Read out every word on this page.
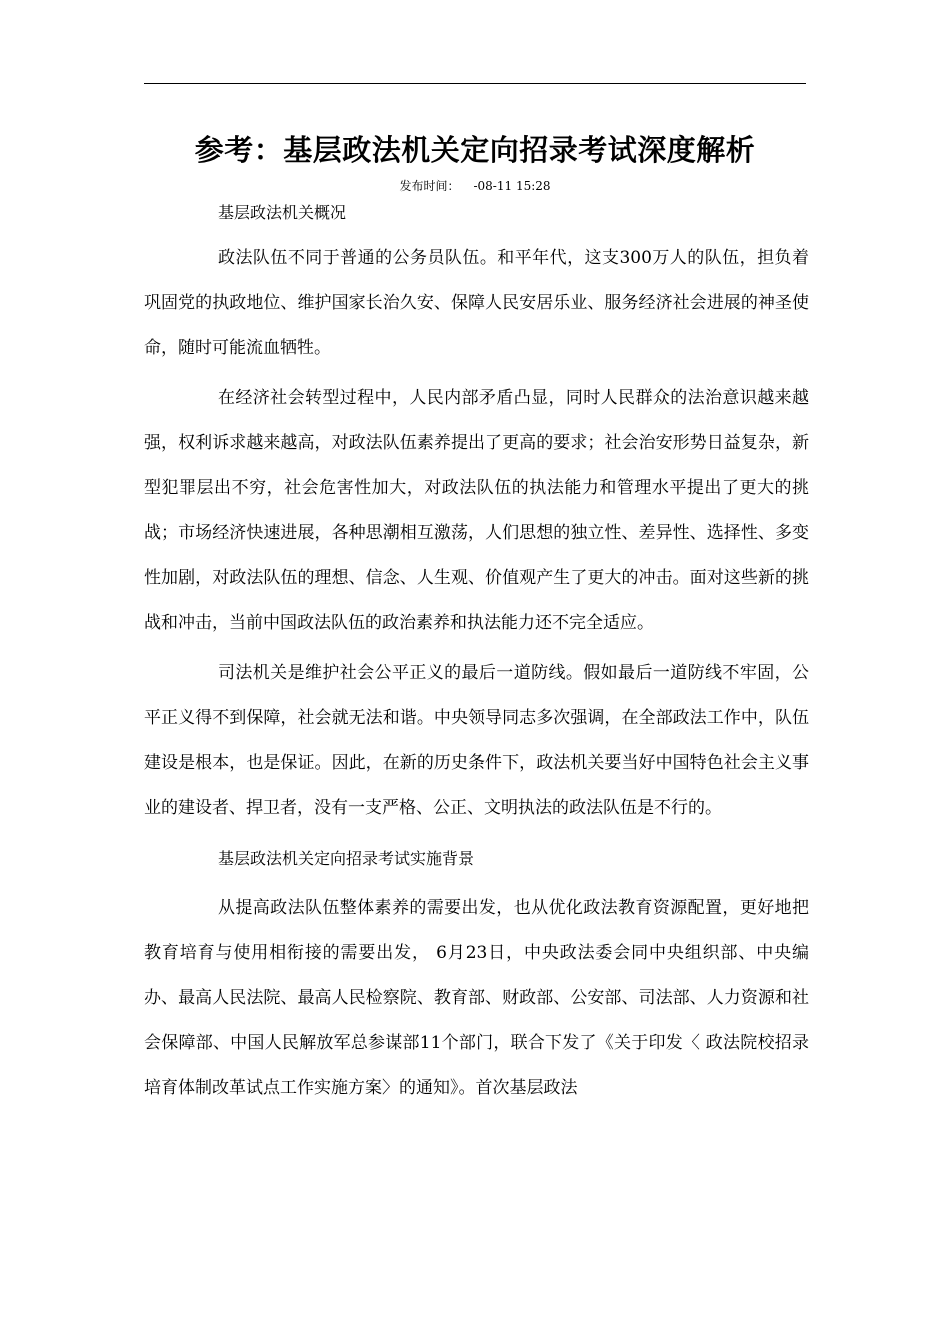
参考：基层政法机关定向招录考试深度解析
发布时间： -08-11 15:28

基层政法机关概况

政法队伍不同于普通的公务员队伍。和平年代，这支300万人的队伍，担负着巩固党的执政地位、维护国家长治久安、保障人民安居乐业、服务经济社会进展的神圣使命，随时可能流血牺牲。

在经济社会转型过程中，人民内部矛盾凸显，同时人民群众的法治意识越来越强，权利诉求越来越高，对政法队伍素养提出了更高的要求；社会治安形势日益复杂，新型犯罪层出不穷，社会危害性加大，对政法队伍的执法能力和管理水平提出了更大的挑战；市场经济快速进展，各种思潮相互激荡，人们思想的独立性、差异性、选择性、多变性加剧，对政法队伍的理想、信念、人生观、价值观产生了更大的冲击。面对这些新的挑战和冲击，当前中国政法队伍的政治素养和执法能力还不完全适应。

司法机关是维护社会公平正义的最后一道防线。假如最后一道防线不牢固，公平正义得不到保障，社会就无法和谐。中央领导同志多次强调，在全部政法工作中，队伍建设是根本，也是保证。因此，在新的历史条件下，政法机关要当好中国特色社会主义事业的建设者、捍卫者，没有一支严格、公正、文明执法的政法队伍是不行的。

基层政法机关定向招录考试实施背景

从提高政法队伍整体素养的需要出发，也从优化政法教育资源配置，更好地把教育培育与使用相衔接的需要出发， 6月23日，中央政法委会同中央组织部、中央编办、最高人民法院、最高人民检察院、教育部、财政部、公安部、司法部、人力资源和社会保障部、中国人民解放军总参谋部11个部门，联合下发了《关于印发〈 政法院校招录培育体制改革试点工作实施方案〉的通知》。首次基层政法
